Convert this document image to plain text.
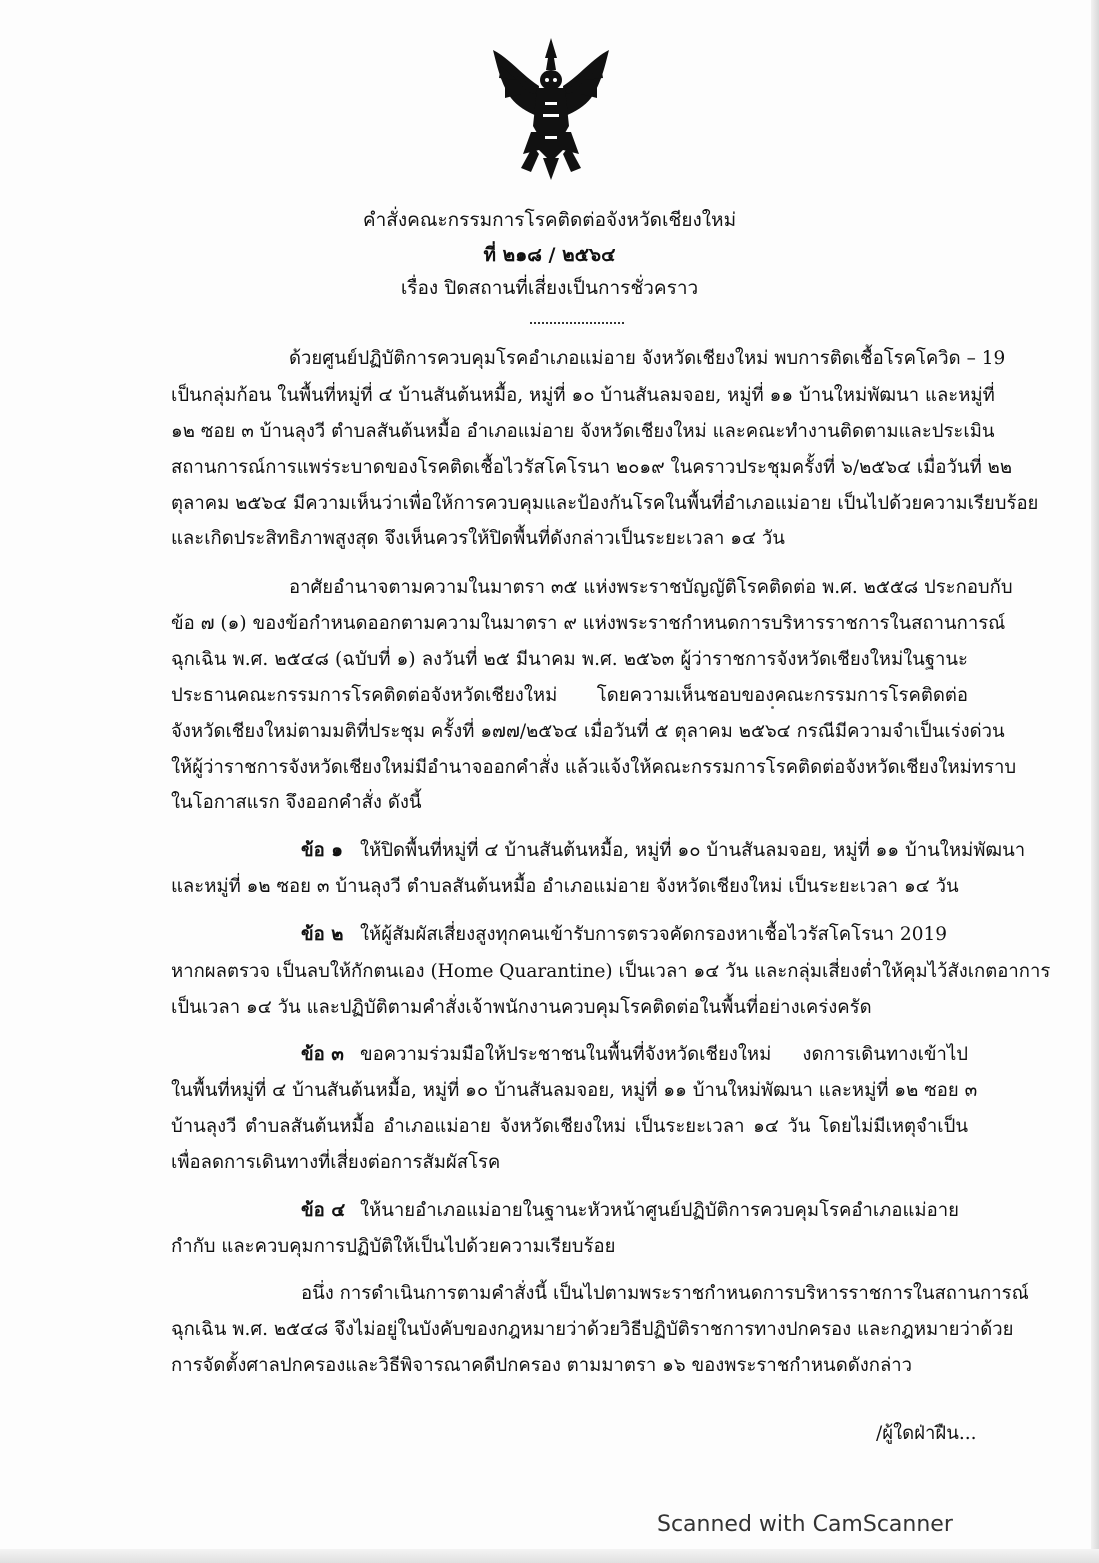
คำสั่งคณะกรรมการโรคติดต่อจังหวัดเชียงใหม่
ที่ ๒๑๘ / ๒๕๖๔
เรื่อง ปิดสถานที่เสี่ยงเป็นการชั่วคราว
ด้วยศูนย์ปฏิบัติการควบคุมโรคอำเภอแม่อาย จังหวัดเชียงใหม่ พบการติดเชื้อโรคโควิด – 19
เป็นกลุ่มก้อน ในพื้นที่หมู่ที่ ๔ บ้านสันต้นหมื้อ, หมู่ที่ ๑๐ บ้านสันลมจอย, หมู่ที่ ๑๑ บ้านใหม่พัฒนา และหมู่ที่
๑๒ ซอย ๓ บ้านลุงวี ตำบลสันต้นหมื้อ อำเภอแม่อาย จังหวัดเชียงใหม่ และคณะทำงานติดตามและประเมิน
สถานการณ์การแพร่ระบาดของโรคติดเชื้อไวรัสโคโรนา ๒๐๑๙ ในคราวประชุมครั้งที่ ๖/๒๕๖๔ เมื่อวันที่ ๒๒
ตุลาคม ๒๕๖๔ มีความเห็นว่าเพื่อให้การควบคุมและป้องกันโรคในพื้นที่อำเภอแม่อาย เป็นไปด้วยความเรียบร้อย
และเกิดประสิทธิภาพสูงสุด จึงเห็นควรให้ปิดพื้นที่ดังกล่าวเป็นระยะเวลา ๑๔ วัน
อาศัยอำนาจตามความในมาตรา ๓๕ แห่งพระราชบัญญัติโรคติดต่อ พ.ศ. ๒๕๕๘ ประกอบกับ
ข้อ ๗ (๑) ของข้อกำหนดออกตามความในมาตรา ๙ แห่งพระราชกำหนดการบริหารราชการในสถานการณ์
ฉุกเฉิน พ.ศ. ๒๕๔๘ (ฉบับที่ ๑) ลงวันที่ ๒๕ มีนาคม พ.ศ. ๒๕๖๓ ผู้ว่าราชการจังหวัดเชียงใหม่ในฐานะ
ประธานคณะกรรมการโรคติดต่อจังหวัดเชียงใหม่ โดยความเห็นชอบของคณะกรรมการโรคติดต่อ
จังหวัดเชียงใหม่ตามมติที่ประชุม ครั้งที่ ๑๗๗/๒๕๖๔ เมื่อวันที่ ๕ ตุลาคม ๒๕๖๔ กรณีมีความจำเป็นเร่งด่วน
ให้ผู้ว่าราชการจังหวัดเชียงใหม่มีอำนาจออกคำสั่ง แล้วแจ้งให้คณะกรรมการโรคติดต่อจังหวัดเชียงใหม่ทราบ
ในโอกาสแรก จึงออกคำสั่ง ดังนี้
ข้อ ๑ ให้ปิดพื้นที่หมู่ที่ ๔ บ้านสันต้นหมื้อ, หมู่ที่ ๑๐ บ้านสันลมจอย, หมู่ที่ ๑๑ บ้านใหม่พัฒนา
และหมู่ที่ ๑๒ ซอย ๓ บ้านลุงวี ตำบลสันต้นหมื้อ อำเภอแม่อาย จังหวัดเชียงใหม่ เป็นระยะเวลา ๑๔ วัน
ข้อ ๒ ให้ผู้สัมผัสเสี่ยงสูงทุกคนเข้ารับการตรวจคัดกรองหาเชื้อไวรัสโคโรนา 2019
หากผลตรวจ เป็นลบให้กักตนเอง (Home Quarantine) เป็นเวลา ๑๔ วัน และกลุ่มเสี่ยงต่ำให้คุมไว้สังเกตอาการ
เป็นเวลา ๑๔ วัน และปฏิบัติตามคำสั่งเจ้าพนักงานควบคุมโรคติดต่อในพื้นที่อย่างเคร่งครัด
ข้อ ๓ ขอความร่วมมือให้ประชาชนในพื้นที่จังหวัดเชียงใหม่ งดการเดินทางเข้าไป
ในพื้นที่หมู่ที่ ๔ บ้านสันต้นหมื้อ, หมู่ที่ ๑๐ บ้านสันลมจอย, หมู่ที่ ๑๑ บ้านใหม่พัฒนา และหมู่ที่ ๑๒ ซอย ๓
บ้านลุงวี ตำบลสันต้นหมื้อ อำเภอแม่อาย จังหวัดเชียงใหม่ เป็นระยะเวลา ๑๔ วัน โดยไม่มีเหตุจำเป็น
เพื่อลดการเดินทางที่เสี่ยงต่อการสัมผัสโรค
ข้อ ๔ ให้นายอำเภอแม่อายในฐานะหัวหน้าศูนย์ปฏิบัติการควบคุมโรคอำเภอแม่อาย
กำกับ และควบคุมการปฏิบัติให้เป็นไปด้วยความเรียบร้อย
อนึ่ง การดำเนินการตามคำสั่งนี้ เป็นไปตามพระราชกำหนดการบริหารราชการในสถานการณ์
ฉุกเฉิน พ.ศ. ๒๕๔๘ จึงไม่อยู่ในบังคับของกฎหมายว่าด้วยวิธีปฏิบัติราชการทางปกครอง และกฎหมายว่าด้วย
การจัดตั้งศาลปกครองและวิธีพิจารณาคดีปกครอง ตามมาตรา ๑๖ ของพระราชกำหนดดังกล่าว
/ผู้ใดฝ่าฝืน...
Scanned with CamScanner
